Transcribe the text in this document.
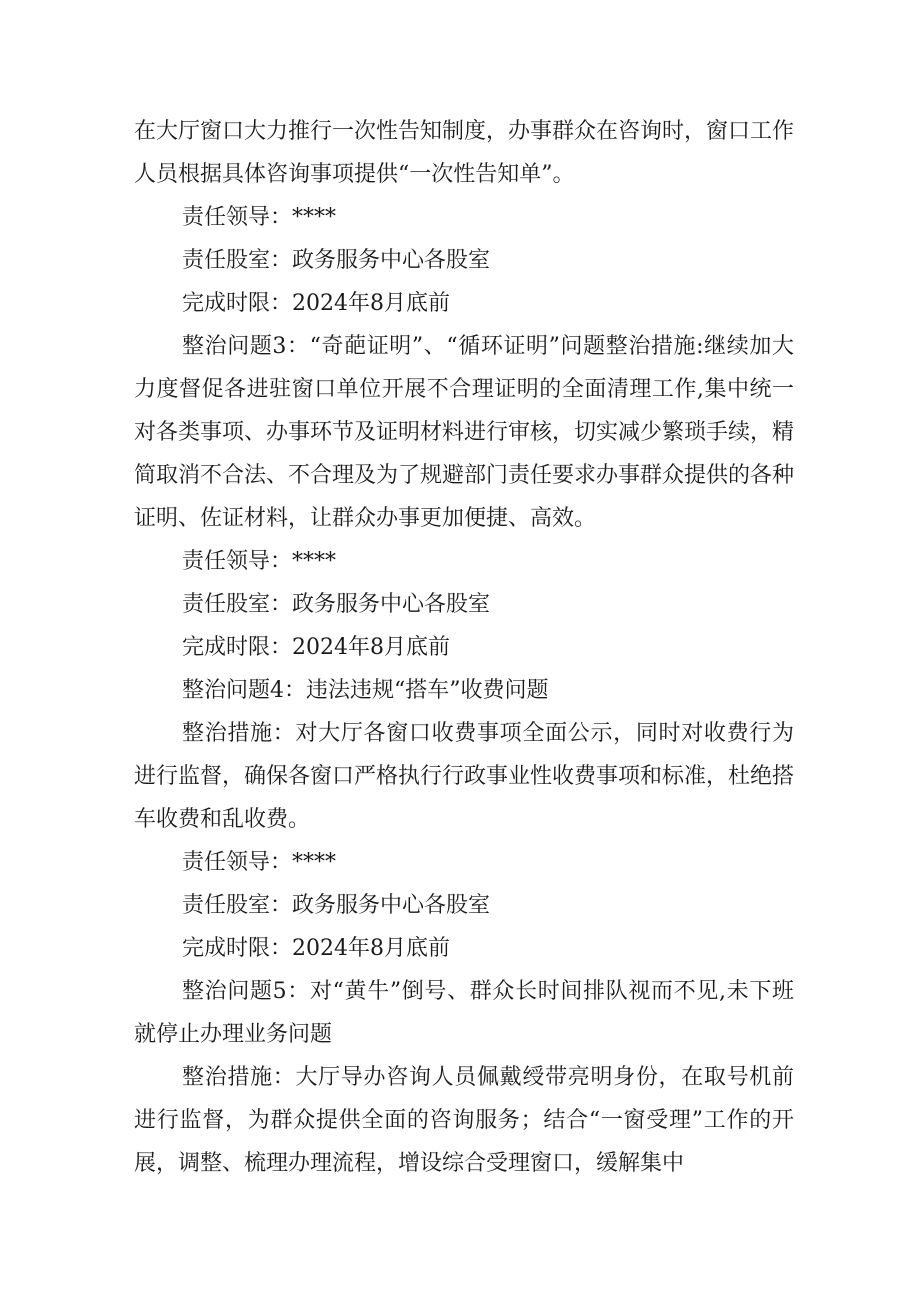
在大厅窗口大力推行一次性告知制度，办事群众在咨询时，窗口工作人员根据具体咨询事项提供“一次性告知单”。

责任领导：****

责任股室：政务服务中心各股室

完成时限：2024年8月底前

整治问题3：“奇葩证明”、“循环证明”问题整治措施:继续加大力度督促各进驻窗口单位开展不合理证明的全面清理工作,集中统一对各类事项、办事环节及证明材料进行审核，切实减少繁琐手续，精简取消不合法、不合理及为了规避部门责任要求办事群众提供的各种证明、佐证材料，让群众办事更加便捷、高效。

责任领导：****

责任股室：政务服务中心各股室

完成时限：2024年8月底前

整治问题4：违法违规“搭车”收费问题

整治措施：对大厅各窗口收费事项全面公示，同时对收费行为进行监督，确保各窗口严格执行行政事业性收费事项和标准，杜绝搭车收费和乱收费。

责任领导：****

责任股室：政务服务中心各股室

完成时限：2024年8月底前

整治问题5：对“黄牛”倒号、群众长时间排队视而不见,未下班就停止办理业务问题

整治措施：大厅导办咨询人员佩戴绶带亮明身份，在取号机前进行监督，为群众提供全面的咨询服务；结合“一窗受理”工作的开展，调整、梳理办理流程，增设综合受理窗口，缓解集中
